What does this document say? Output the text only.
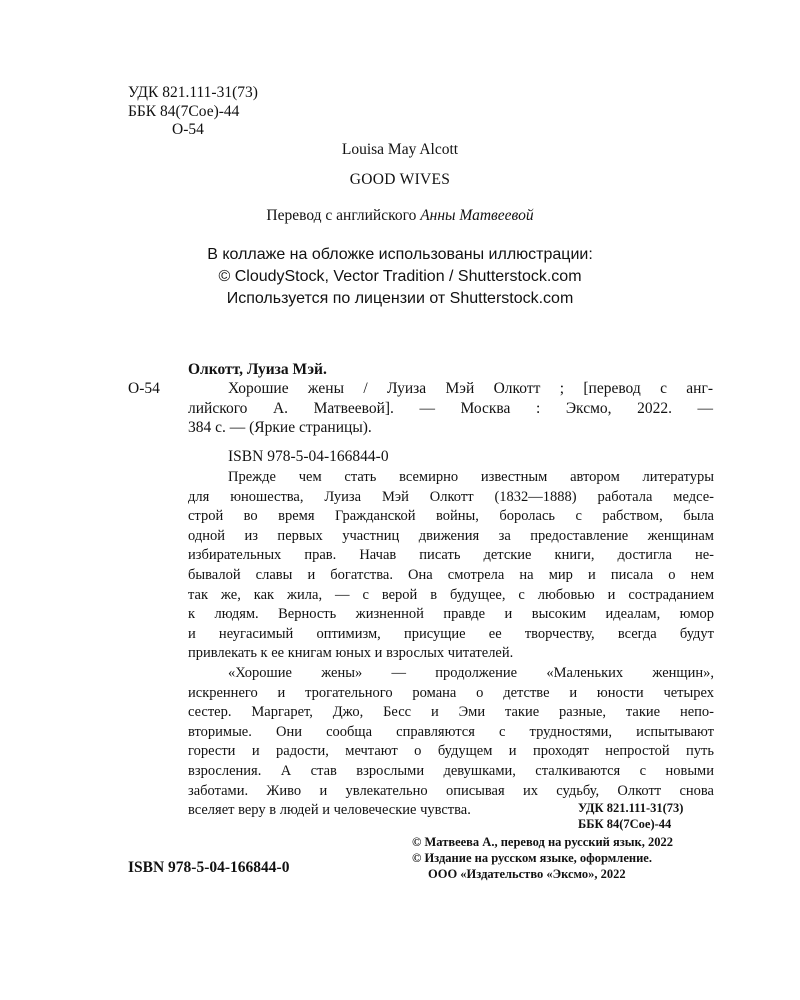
УДК 821.111-31(73)
ББК 84(7Сое)-44
О-54
Louisa May Alcott
GOOD WIVES
Перевод с английского Анны Матвеевой
В коллаже на обложке использованы иллюстрации:
© CloudyStock, Vector Tradition / Shutterstock.com
Используется по лицензии от Shutterstock.com
Олкотт, Луиза Мэй.
О-54	Хорошие жены / Луиза Мэй Олкотт ; [перевод с анг-
лийского А. Матвеевой]. — Москва : Эксмо, 2022. —
384 с. — (Яркие страницы).
ISBN 978-5-04-166844-0
Прежде чем стать всемирно известным автором литературы
для юношества, Луиза Мэй Олкотт (1832—1888) работала медсе-
строй во время Гражданской войны, боролась с рабством, была
одной из первых участниц движения за предоставление женщинам
избирательных прав. Начав писать детские книги, достигла не-
бывалой славы и богатства. Она смотрела на мир и писала о нем
так же, как жила, — с верой в будущее, с любовью и состраданием
к людям. Верность жизненной правде и высоким идеалам, юмор
и неугасимый оптимизм, присущие ее творчеству, всегда будут
привлекать к ее книгам юных и взрослых читателей.
«Хорошие жены» — продолжение «Маленьких женщин»,
искреннего и трогательного романа о детстве и юности четырех
сестер. Маргарет, Джо, Бесс и Эми такие разные, такие непо-
вторимые. Они сообща справляются с трудностями, испытывают
горести и радости, мечтают о будущем и проходят непростой путь
взросления. А став взрослыми девушками, сталкиваются с новыми
заботами. Живо и увлекательно описывая их судьбу, Олкотт снова
вселяет веру в людей и человеческие чувства.	УДК 821.111-31(73)
ББК 84(7Сое)-44
© Матвеева А., перевод на русский язык, 2022
© Издание на русском языке, оформление.
ООО «Издательство «Эксмо», 2022
ISBN 978-5-04-166844-0
